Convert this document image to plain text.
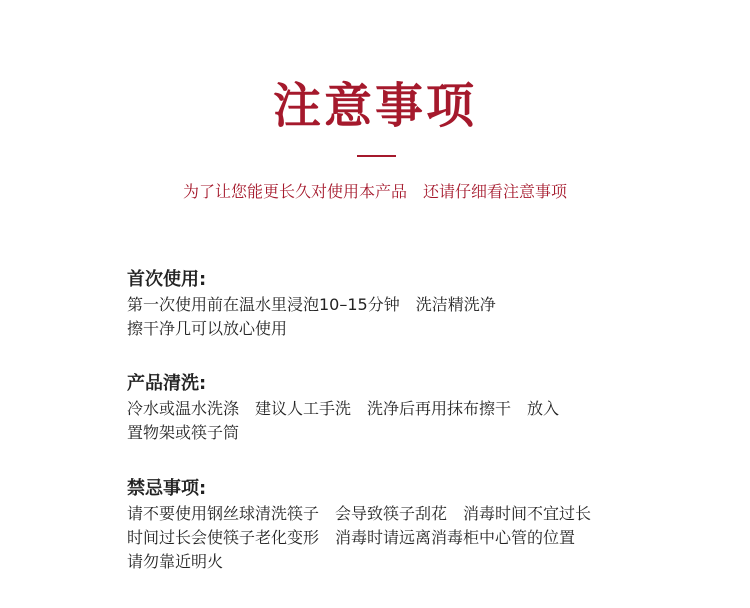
注意事项
为了让您能更长久对使用本产品　还请仔细看注意事项
首次使用:
第一次使用前在温水里浸泡10–15分钟　洗洁精洗净
擦干净几可以放心使用
产品清洗:
冷水或温水洗涤　建议人工手洗　洗净后再用抹布擦干　放入
置物架或筷子筒
禁忌事项:
请不要使用钢丝球清洗筷子　会导致筷子刮花　消毒时间不宜过长
时间过长会使筷子老化变形　消毒时请远离消毒柜中心管的位置
请勿靠近明火
